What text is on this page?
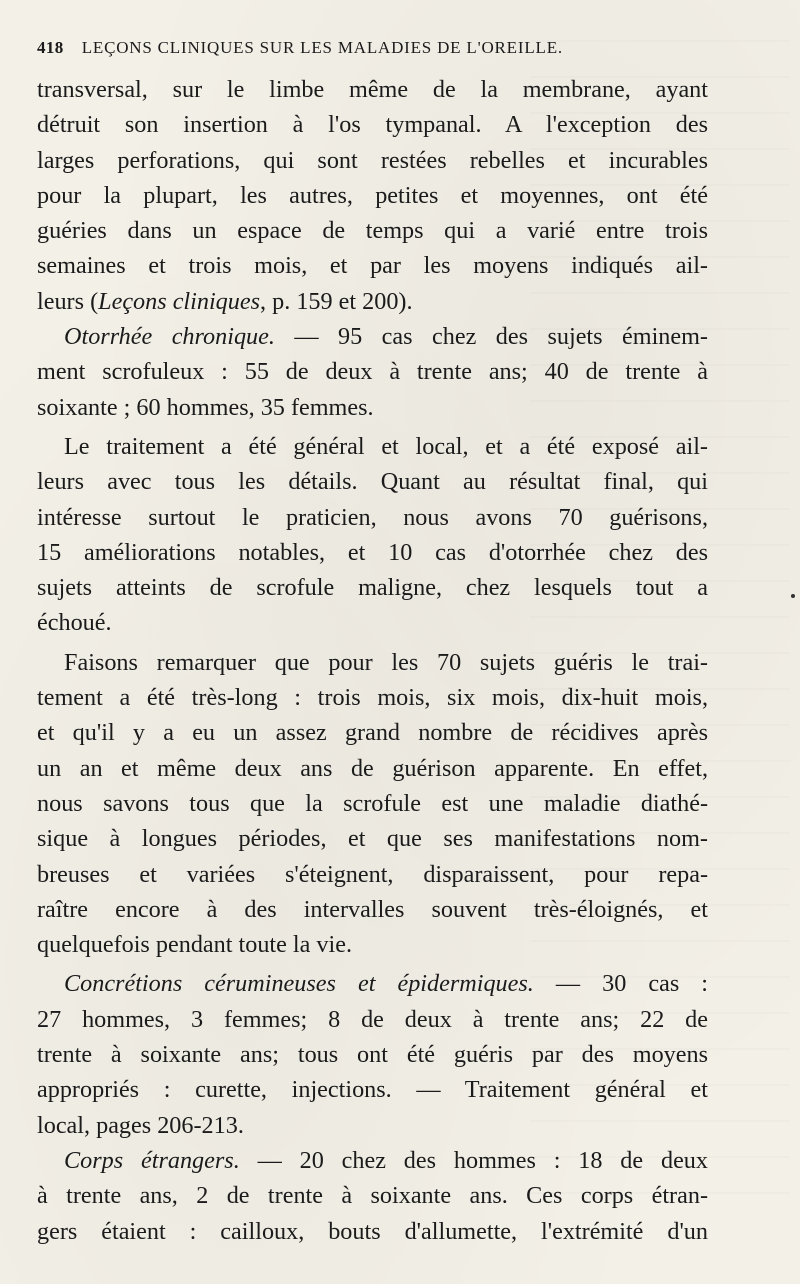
418 LEÇONS CLINIQUES SUR LES MALADIES DE L'OREILLE.
transversal, sur le limbe même de la membrane, ayant
détruit son insertion à l'os tympanal. A l'exception des
larges perforations, qui sont restées rebelles et incurables
pour la plupart, les autres, petites et moyennes, ont été
guéries dans un espace de temps qui a varié entre trois
semaines et trois mois, et par les moyens indiqués ail-
leurs (Leçons cliniques, p. 159 et 200).
Otorrhée chronique. — 95 cas chez des sujets éminem-
ment scrofuleux : 55 de deux à trente ans; 40 de trente à
soixante ; 60 hommes, 35 femmes.
Le traitement a été général et local, et a été exposé ail-
leurs avec tous les détails. Quant au résultat final, qui
intéresse surtout le praticien, nous avons 70 guérisons,
15 améliorations notables, et 10 cas d'otorrhée chez des
sujets atteints de scrofule maligne, chez lesquels tout a
échoué.
Faisons remarquer que pour les 70 sujets guéris le trai-
tement a été très-long : trois mois, six mois, dix-huit mois,
et qu'il y a eu un assez grand nombre de récidives après
un an et même deux ans de guérison apparente. En effet,
nous savons tous que la scrofule est une maladie diathé-
sique à longues périodes, et que ses manifestations nom-
breuses et variées s'éteignent, disparaissent, pour repa-
raître encore à des intervalles souvent très-éloignés, et
quelquefois pendant toute la vie.
Concrétions cérumineuses et épidermiques. — 30 cas :
27 hommes, 3 femmes; 8 de deux à trente ans; 22 de
trente à soixante ans; tous ont été guéris par des moyens
appropriés : curette, injections. — Traitement général et
local, pages 206-213.
Corps étrangers. — 20 chez des hommes : 18 de deux
à trente ans, 2 de trente à soixante ans. Ces corps étran-
gers étaient : cailloux, bouts d'allumette, l'extrémité d'un
